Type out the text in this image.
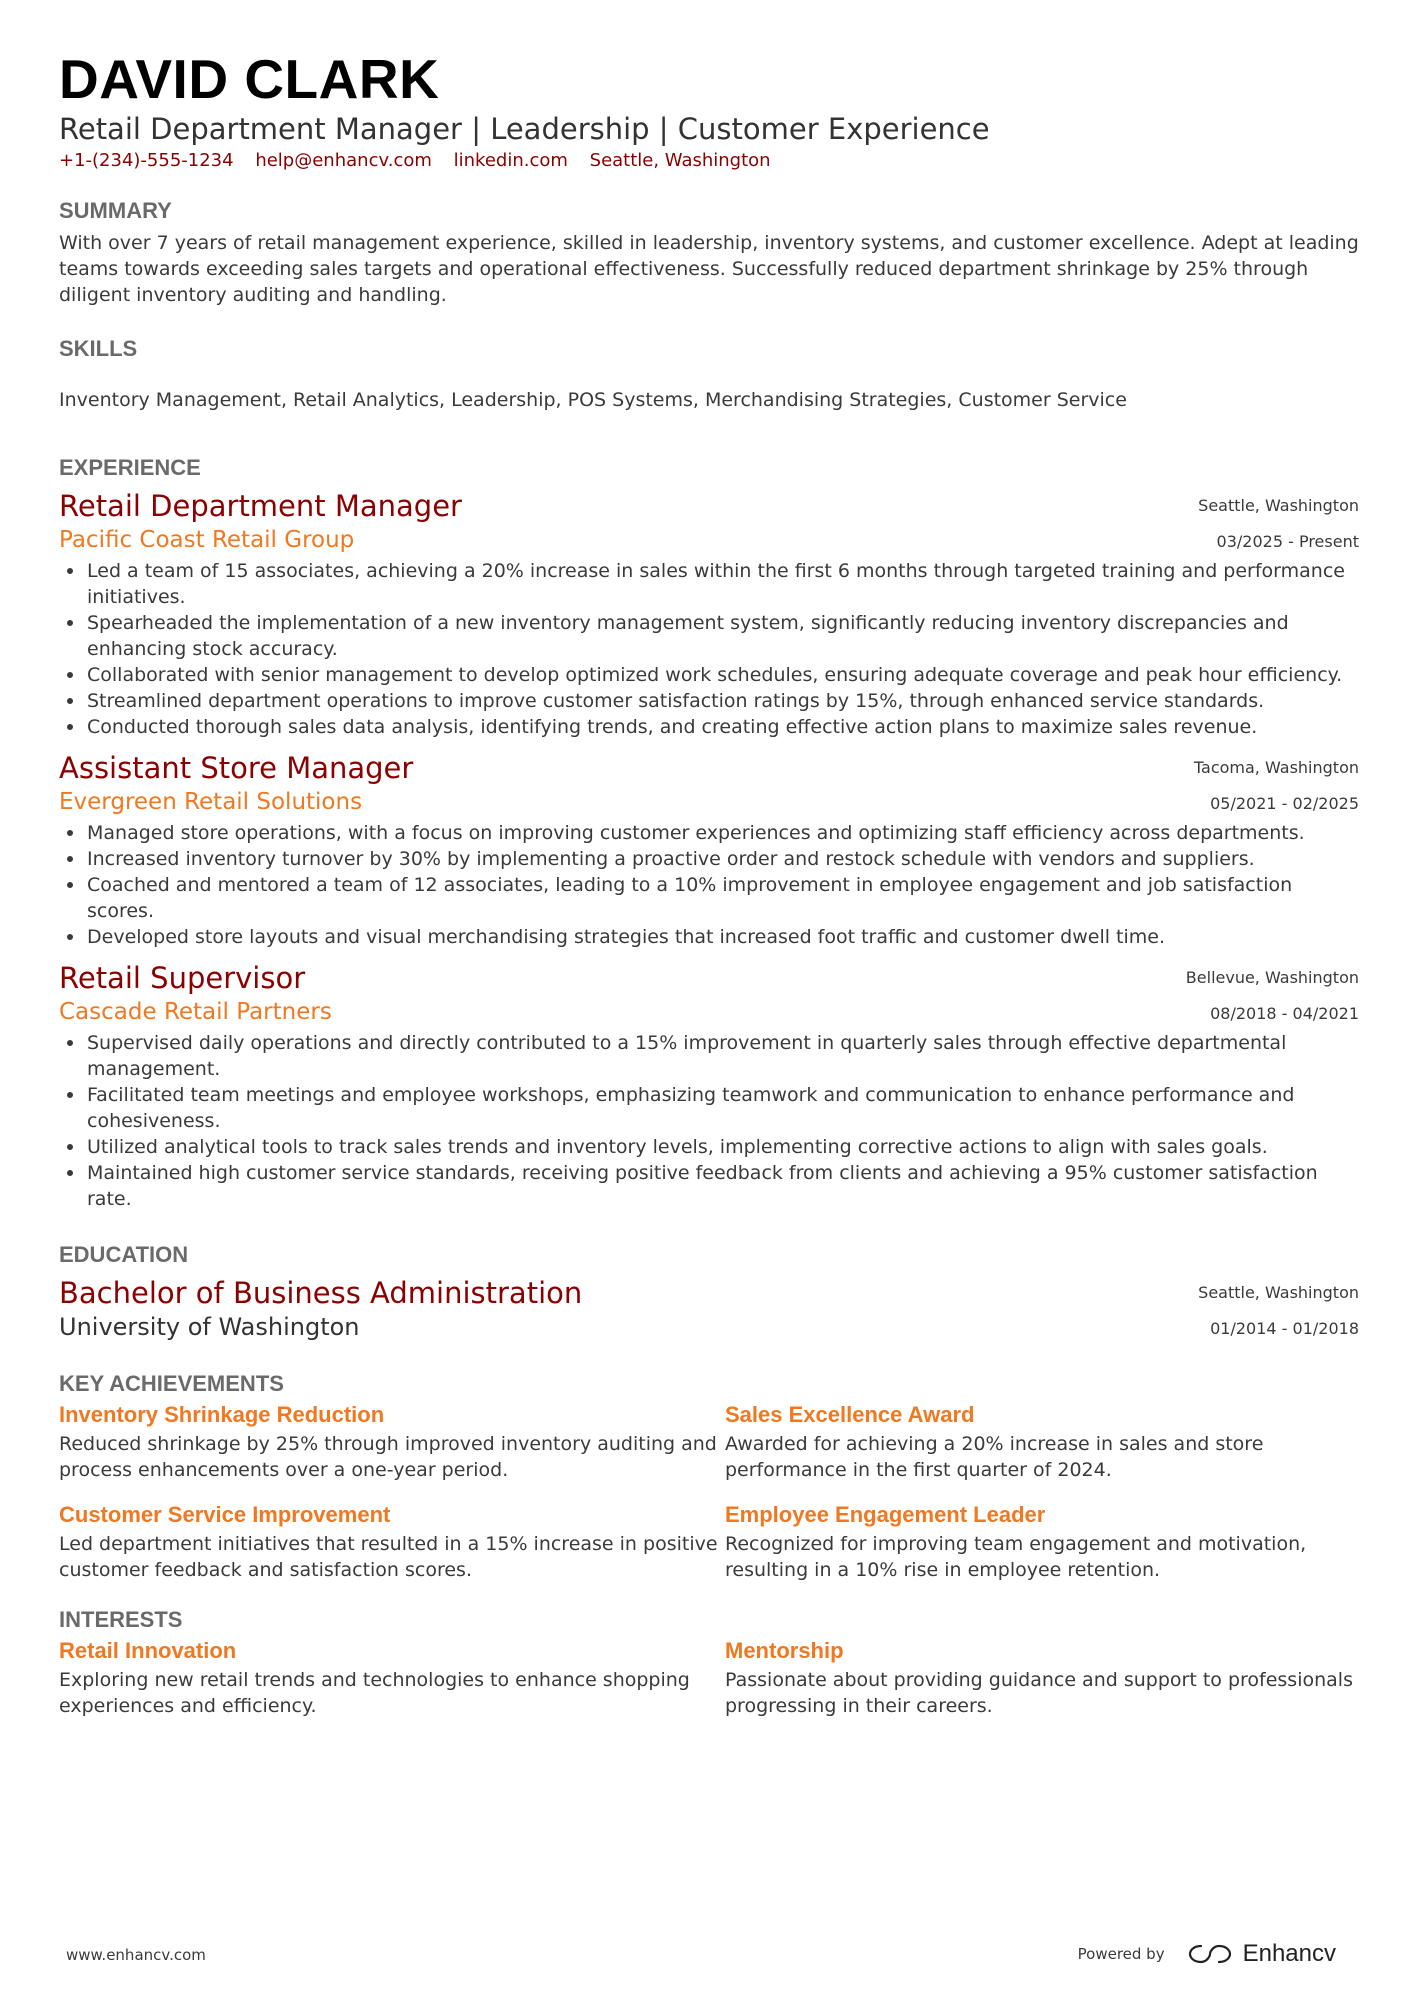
DAVID CLARK
Retail Department Manager | Leadership | Customer Experience
+1-(234)-555-1234 help@enhancv.com linkedin.com Seattle, Washington
SUMMARY
With over 7 years of retail management experience, skilled in leadership, inventory systems, and customer excellence. Adept at leading teams towards exceeding sales targets and operational effectiveness. Successfully reduced department shrinkage by 25% through diligent inventory auditing and handling.
SKILLS
Inventory Management, Retail Analytics, Leadership, POS Systems, Merchandising Strategies, Customer Service
EXPERIENCE
Retail Department Manager
Pacific Coast Retail Group
Seattle, Washington
03/2025 - Present
Led a team of 15 associates, achieving a 20% increase in sales within the first 6 months through targeted training and performance initiatives.
Spearheaded the implementation of a new inventory management system, significantly reducing inventory discrepancies and enhancing stock accuracy.
Collaborated with senior management to develop optimized work schedules, ensuring adequate coverage and peak hour efficiency.
Streamlined department operations to improve customer satisfaction ratings by 15%, through enhanced service standards.
Conducted thorough sales data analysis, identifying trends, and creating effective action plans to maximize sales revenue.
Assistant Store Manager
Evergreen Retail Solutions
Tacoma, Washington
05/2021 - 02/2025
Managed store operations, with a focus on improving customer experiences and optimizing staff efficiency across departments.
Increased inventory turnover by 30% by implementing a proactive order and restock schedule with vendors and suppliers.
Coached and mentored a team of 12 associates, leading to a 10% improvement in employee engagement and job satisfaction scores.
Developed store layouts and visual merchandising strategies that increased foot traffic and customer dwell time.
Retail Supervisor
Cascade Retail Partners
Bellevue, Washington
08/2018 - 04/2021
Supervised daily operations and directly contributed to a 15% improvement in quarterly sales through effective departmental management.
Facilitated team meetings and employee workshops, emphasizing teamwork and communication to enhance performance and cohesiveness.
Utilized analytical tools to track sales trends and inventory levels, implementing corrective actions to align with sales goals.
Maintained high customer service standards, receiving positive feedback from clients and achieving a 95% customer satisfaction rate.
EDUCATION
Bachelor of Business Administration
University of Washington
Seattle, Washington
01/2014 - 01/2018
KEY ACHIEVEMENTS
Inventory Shrinkage Reduction
Reduced shrinkage by 25% through improved inventory auditing and process enhancements over a one-year period.
Sales Excellence Award
Awarded for achieving a 20% increase in sales and store performance in the first quarter of 2024.
Customer Service Improvement
Led department initiatives that resulted in a 15% increase in positive customer feedback and satisfaction scores.
Employee Engagement Leader
Recognized for improving team engagement and motivation, resulting in a 10% rise in employee retention.
INTERESTS
Retail Innovation
Exploring new retail trends and technologies to enhance shopping experiences and efficiency.
Mentorship
Passionate about providing guidance and support to professionals progressing in their careers.
www.enhancv.com	Powered by	Enhancv
